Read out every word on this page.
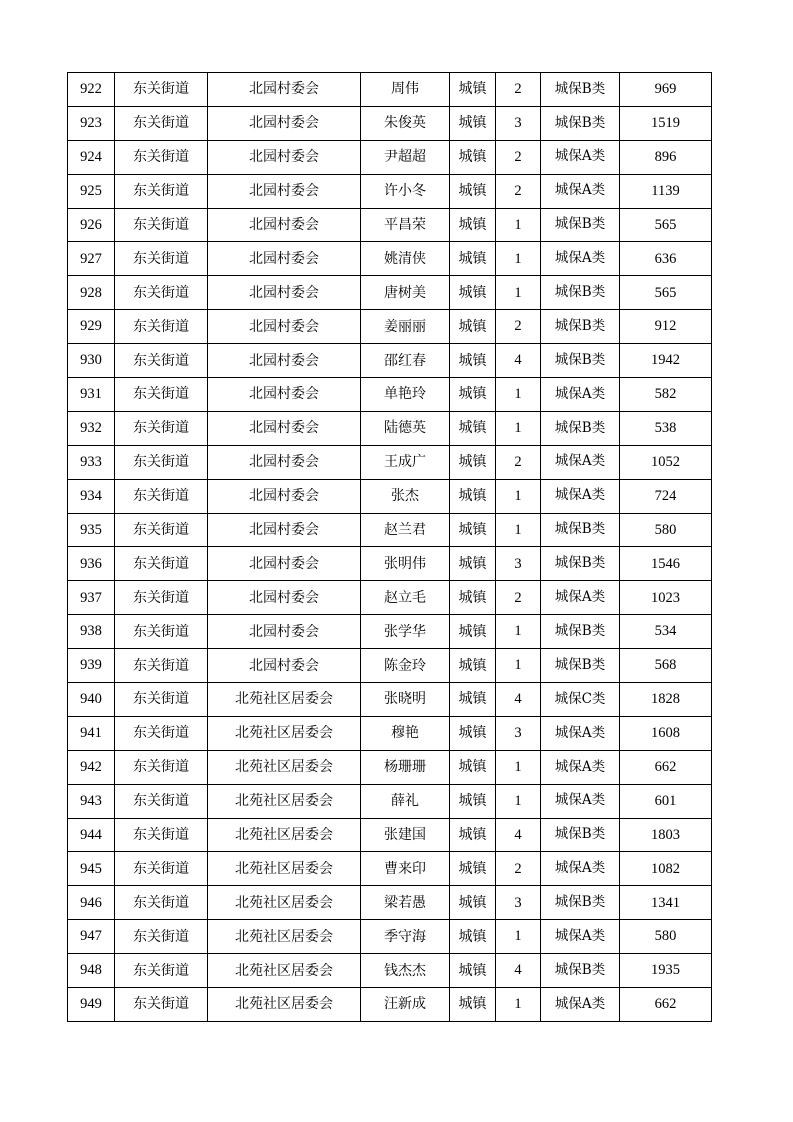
922	东关街道	北园村委会	周伟	城镇	2	城保B类	969
923	东关街道	北园村委会	朱俊英	城镇	3	城保B类	1519
924	东关街道	北园村委会	尹超超	城镇	2	城保A类	896
925	东关街道	北园村委会	许小冬	城镇	2	城保A类	1139
926	东关街道	北园村委会	平昌荣	城镇	1	城保B类	565
927	东关街道	北园村委会	姚清侠	城镇	1	城保A类	636
928	东关街道	北园村委会	唐树美	城镇	1	城保B类	565
929	东关街道	北园村委会	姜丽丽	城镇	2	城保B类	912
930	东关街道	北园村委会	邵红春	城镇	4	城保B类	1942
931	东关街道	北园村委会	单艳玲	城镇	1	城保A类	582
932	东关街道	北园村委会	陆德英	城镇	1	城保B类	538
933	东关街道	北园村委会	王成广	城镇	2	城保A类	1052
934	东关街道	北园村委会	张杰	城镇	1	城保A类	724
935	东关街道	北园村委会	赵兰君	城镇	1	城保B类	580
936	东关街道	北园村委会	张明伟	城镇	3	城保B类	1546
937	东关街道	北园村委会	赵立毛	城镇	2	城保A类	1023
938	东关街道	北园村委会	张学华	城镇	1	城保B类	534
939	东关街道	北园村委会	陈金玲	城镇	1	城保B类	568
940	东关街道	北苑社区居委会	张晓明	城镇	4	城保C类	1828
941	东关街道	北苑社区居委会	穆艳	城镇	3	城保A类	1608
942	东关街道	北苑社区居委会	杨珊珊	城镇	1	城保A类	662
943	东关街道	北苑社区居委会	薛礼	城镇	1	城保A类	601
944	东关街道	北苑社区居委会	张建国	城镇	4	城保B类	1803
945	东关街道	北苑社区居委会	曹来印	城镇	2	城保A类	1082
946	东关街道	北苑社区居委会	梁若愚	城镇	3	城保B类	1341
947	东关街道	北苑社区居委会	季守海	城镇	1	城保A类	580
948	东关街道	北苑社区居委会	钱杰杰	城镇	4	城保B类	1935
949	东关街道	北苑社区居委会	汪新成	城镇	1	城保A类	662
